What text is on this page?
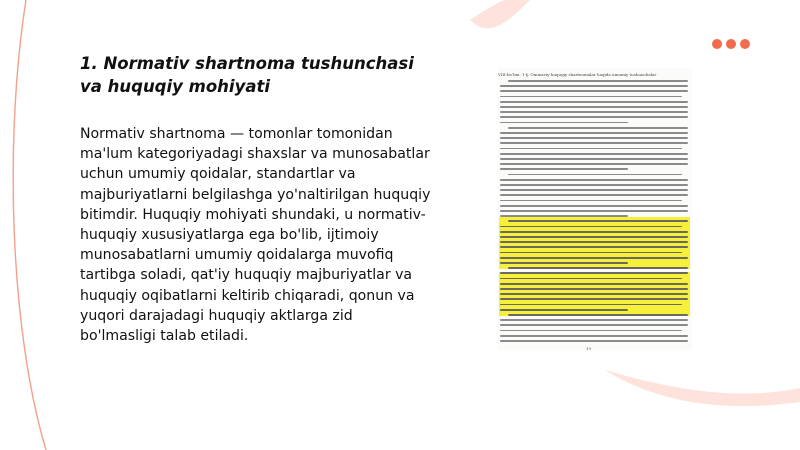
1. Normativ shartnoma tushunchasi
va huquqiy mohiyati

Normativ shartnoma — tomonlar tomonidan ma'lum kategoriyadagi shaxslar va munosabatlar uchun umumiy qoidalar, standartlar va majburiyatlarni belgilashga yo'naltirilgan huquqiy bitimdir. Huquqiy mohiyati shundaki, u normativ-huquqiy xususiyatlarga ega bo'lib, ijtimoiy munosabatlarni umumiy qoidalarga muvofiq tartibga soladi, qat'iy huquqiy majburiyatlar va huquqiy oqibatlarni keltirib chiqaradi, qonun va yuqori darajadagi huquqiy aktlarga zid bo'lmasligi talab etiladi.

VIII-bo'lim. 1-§. Ommaviy-huquqiy shartnomalar haqida umumiy tushunchalar
19
